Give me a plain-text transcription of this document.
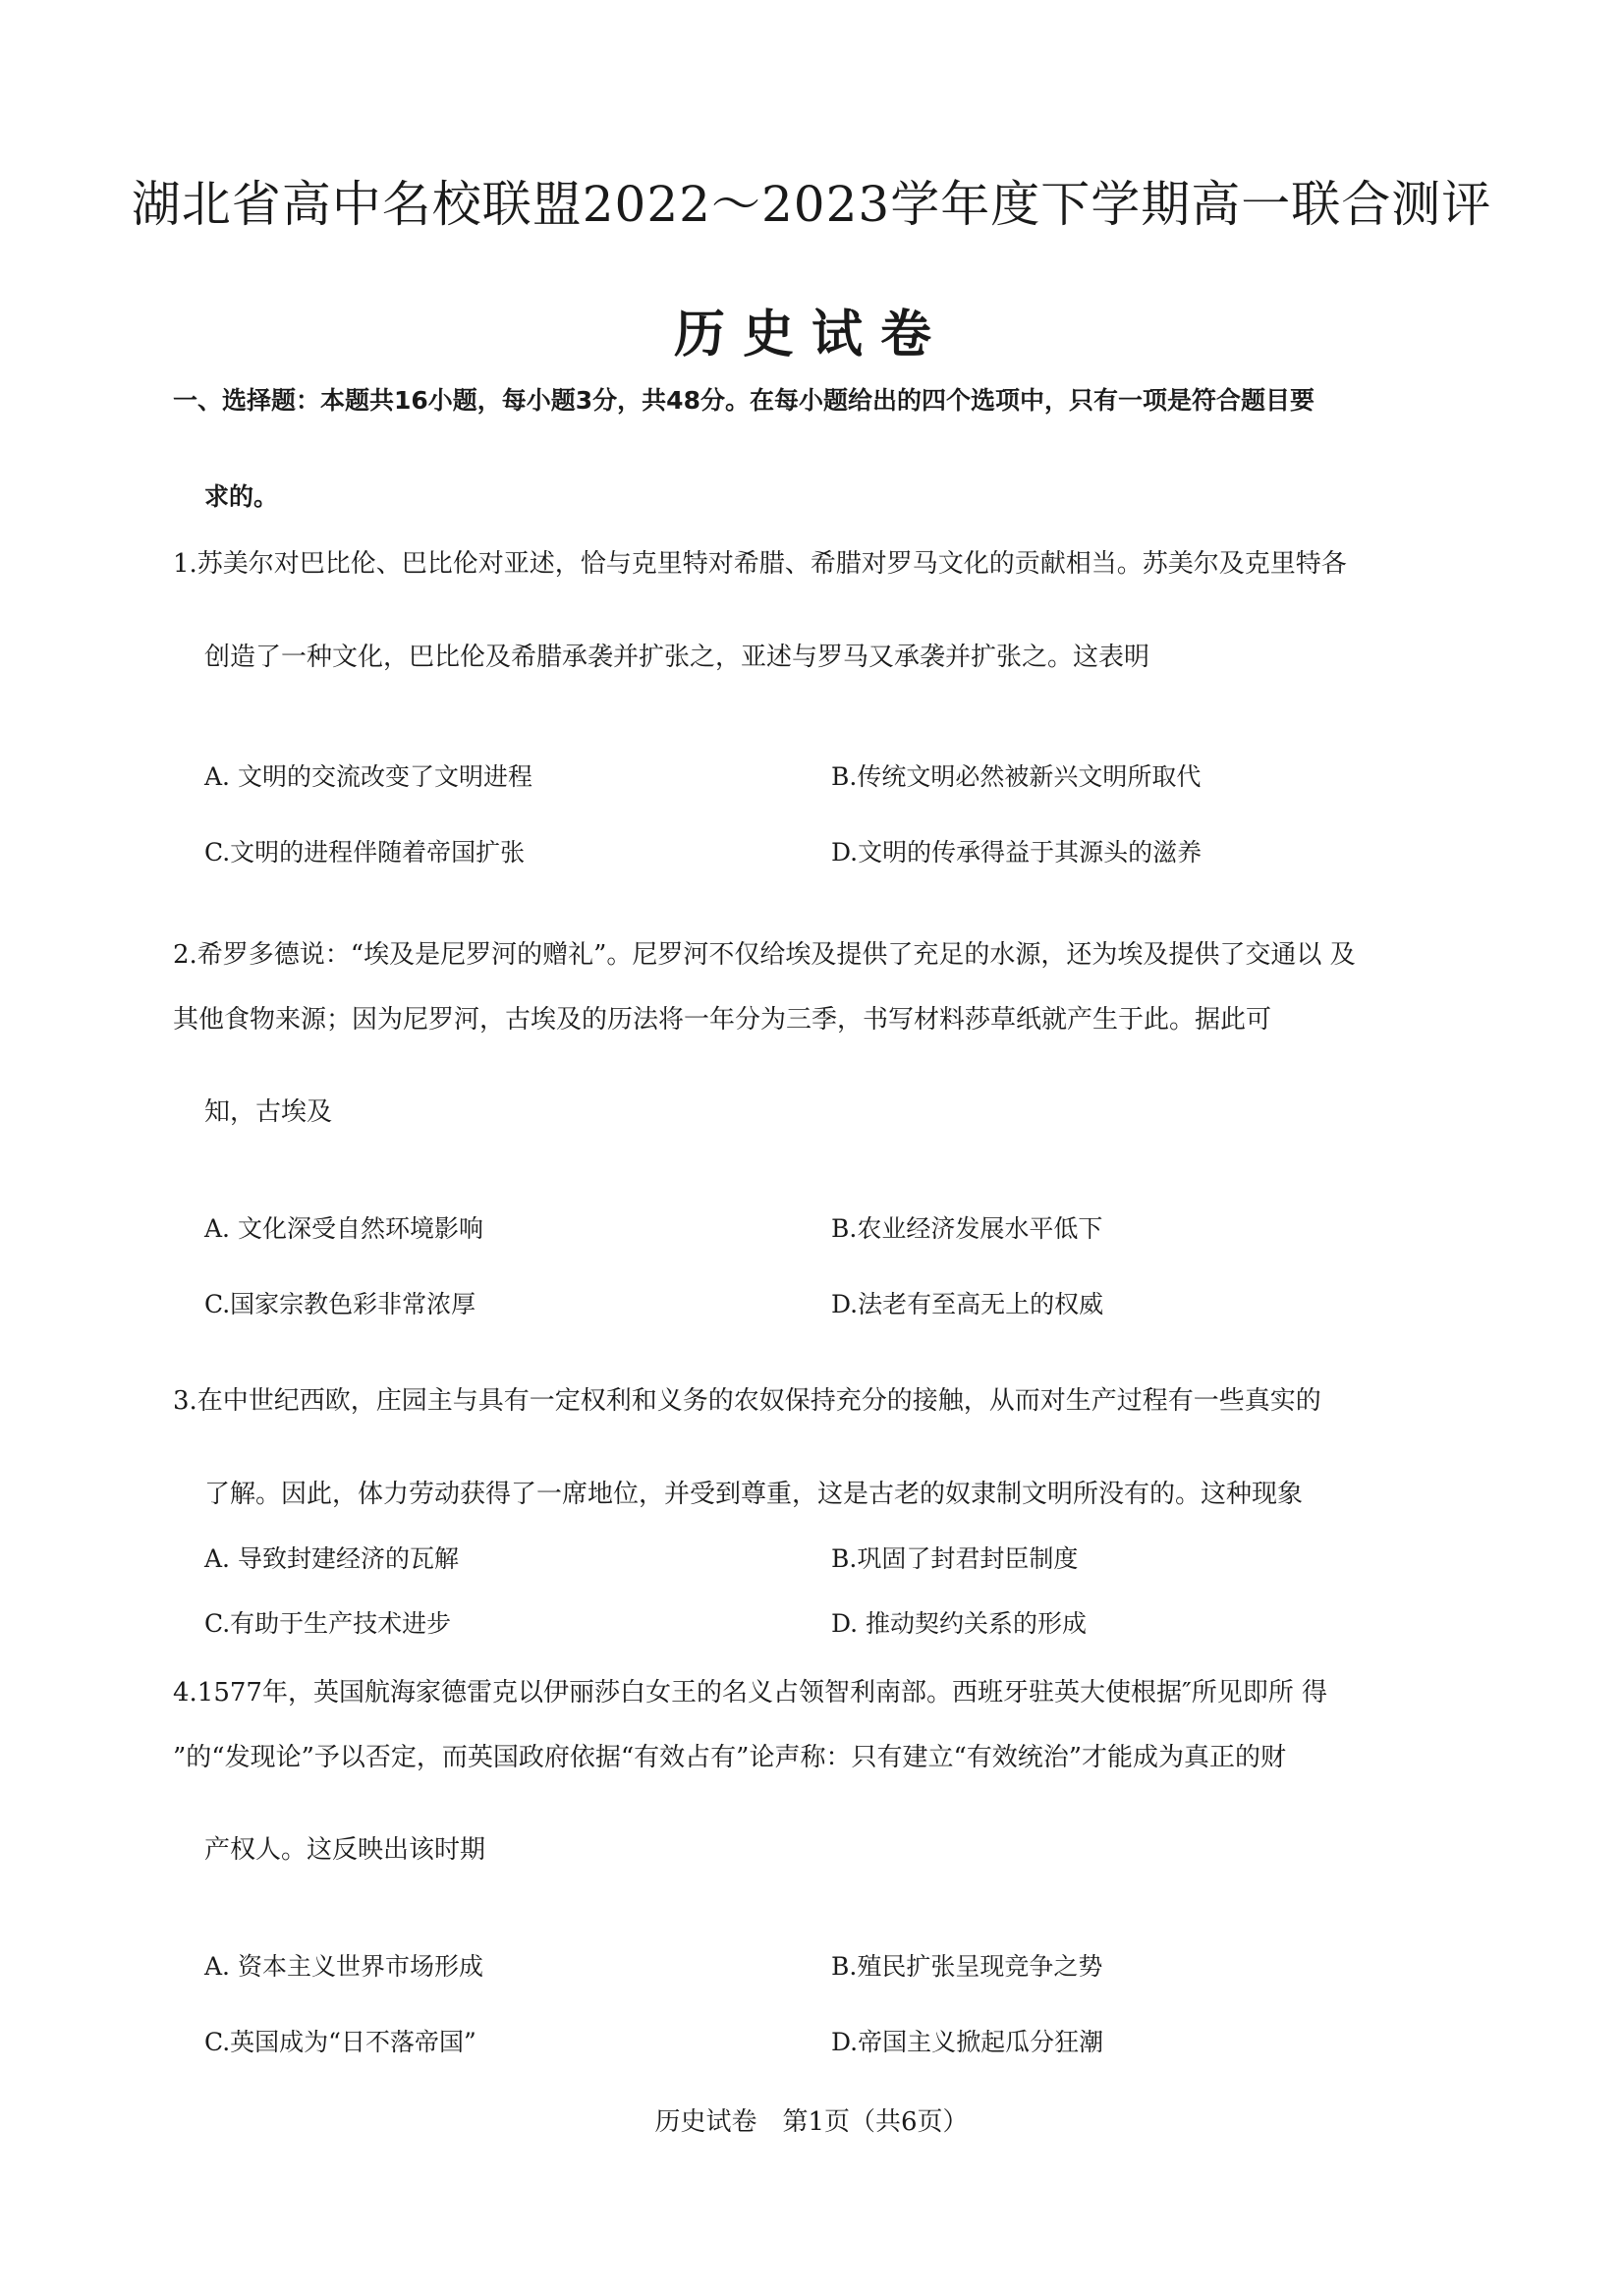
湖北省高中名校联盟2022～2023学年度下学期高一联合测评
历史试卷
一、选择题：本题共16小题，每小题3分，共48分。在每小题给出的四个选项中，只有一项是符合题目要
求的。
1.苏美尔对巴比伦、巴比伦对亚述，恰与克里特对希腊、希腊对罗马文化的贡献相当。苏美尔及克里特各
创造了一种文化，巴比伦及希腊承袭并扩张之，亚述与罗马又承袭并扩张之。这表明
A. 文明的交流改变了文明进程	B.传统文明必然被新兴文明所取代
C.文明的进程伴随着帝国扩张	D.文明的传承得益于其源头的滋养
2.希罗多德说：“埃及是尼罗河的赠礼”。尼罗河不仅给埃及提供了充足的水源，还为埃及提供了交通以 及
其他食物来源；因为尼罗河，古埃及的历法将一年分为三季，书写材料莎草纸就产生于此。据此可
知，古埃及
A. 文化深受自然环境影响	B.农业经济发展水平低下
C.国家宗教色彩非常浓厚	D.法老有至高无上的权威
3.在中世纪西欧，庄园主与具有一定权利和义务的农奴保持充分的接触，从而对生产过程有一些真实的
了解。因此，体力劳动获得了一席地位，并受到尊重，这是古老的奴隶制文明所没有的。这种现象
A. 导致封建经济的瓦解	B.巩固了封君封臣制度
C.有助于生产技术进步	D. 推动契约关系的形成
4.1577年，英国航海家德雷克以伊丽莎白女王的名义占领智利南部。西班牙驻英大使根据″所见即所 得
”的“发现论”予以否定，而英国政府依据“有效占有”论声称：只有建立“有效统治”才能成为真正的财
产权人。这反映出该时期
A. 资本主义世界市场形成	B.殖民扩张呈现竞争之势
C.英国成为“日不落帝国”	D.帝国主义掀起瓜分狂潮
历史试卷　第1页（共6页）
